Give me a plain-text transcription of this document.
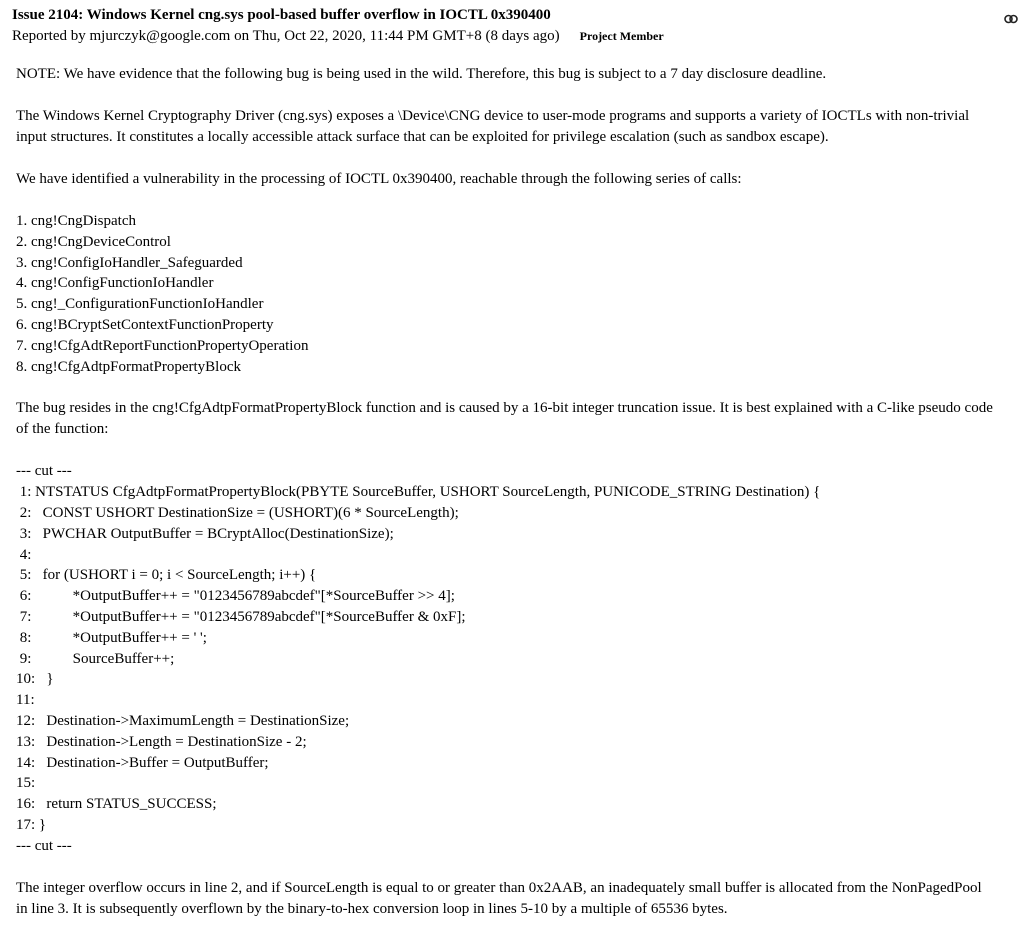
Issue 2104: Windows Kernel cng.sys pool-based buffer overflow in IOCTL 0x390400
Reported by mjurczyk@google.com on Thu, Oct 22, 2020, 11:44 PM GMT+8 (8 days ago) Project Member

NOTE: We have evidence that the following bug is being used in the wild. Therefore, this bug is subject to a 7 day disclosure deadline.

The Windows Kernel Cryptography Driver (cng.sys) exposes a \Device\CNG device to user-mode programs and supports a variety of IOCTLs with non-trivial input structures. It constitutes a locally accessible attack surface that can be exploited for privilege escalation (such as sandbox escape).

We have identified a vulnerability in the processing of IOCTL 0x390400, reachable through the following series of calls:

1. cng!CngDispatch
2. cng!CngDeviceControl
3. cng!ConfigIoHandler_Safeguarded
4. cng!ConfigFunctionIoHandler
5. cng!_ConfigurationFunctionIoHandler
6. cng!BCryptSetContextFunctionProperty
7. cng!CfgAdtReportFunctionPropertyOperation
8. cng!CfgAdtpFormatPropertyBlock

The bug resides in the cng!CfgAdtpFormatPropertyBlock function and is caused by a 16-bit integer truncation issue. It is best explained with a C-like pseudo code of the function:

--- cut ---
1: NTSTATUS CfgAdtpFormatPropertyBlock(PBYTE SourceBuffer, USHORT SourceLength, PUNICODE_STRING Destination) {
2:   CONST USHORT DestinationSize = (USHORT)(6 * SourceLength);
3:   PWCHAR OutputBuffer = BCryptAlloc(DestinationSize);
4:
5:   for (USHORT i = 0; i < SourceLength; i++) {
6:           *OutputBuffer++ = "0123456789abcdef"[*SourceBuffer >> 4];
7:           *OutputBuffer++ = "0123456789abcdef"[*SourceBuffer & 0xF];
8:           *OutputBuffer++ = ' ';
9:           SourceBuffer++;
10:   }
11:
12:   Destination->MaximumLength = DestinationSize;
13:   Destination->Length = DestinationSize - 2;
14:   Destination->Buffer = OutputBuffer;
15:
16:   return STATUS_SUCCESS;
17: }
--- cut ---

The integer overflow occurs in line 2, and if SourceLength is equal to or greater than 0x2AAB, an inadequately small buffer is allocated from the NonPagedPool in line 3. It is subsequently overflown by the binary-to-hex conversion loop in lines 5-10 by a multiple of 65536 bytes.
